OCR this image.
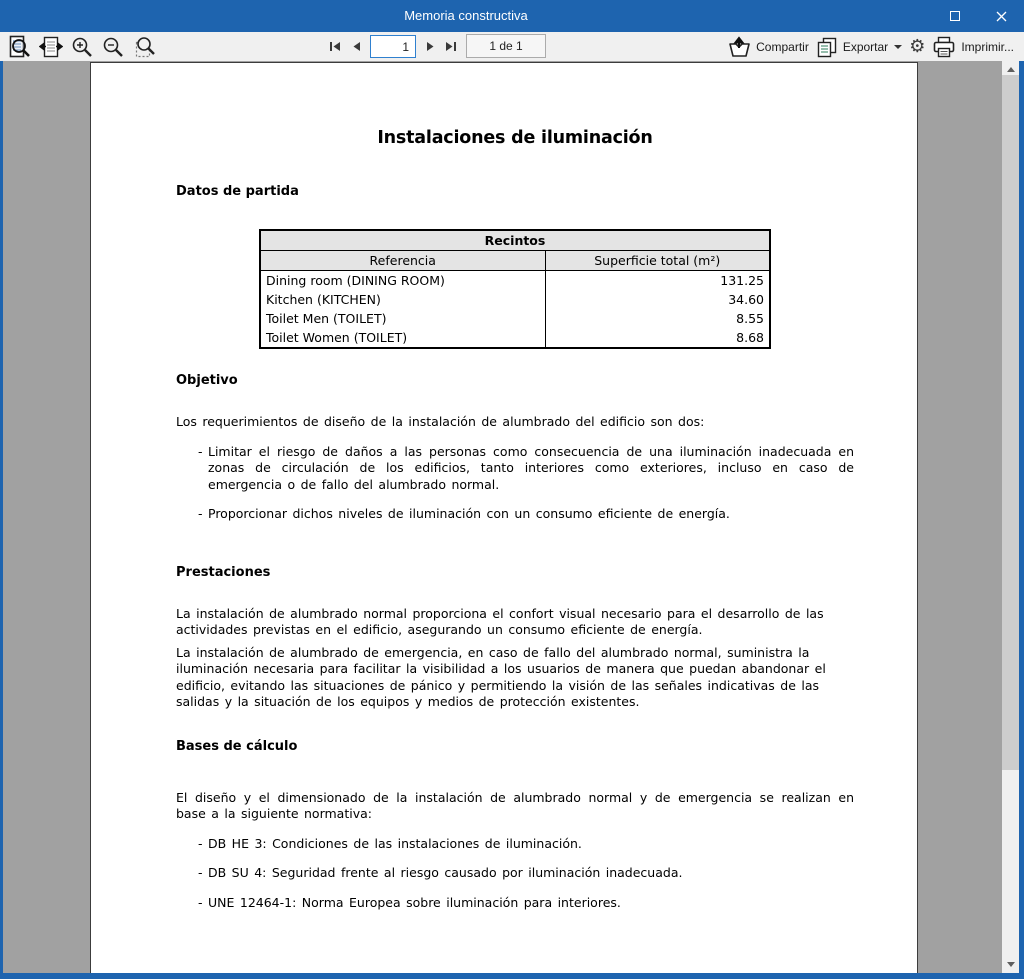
Memoria constructiva
1
1 de 1	Compartir	Exportar ⚙	Imprimir...
Instalaciones de iluminación
Datos de partida
Recintos	
Referencia	Superficie total (m²)
Dining room (DINING ROOM)	131.25
Kitchen (KITCHEN)	34.60
Toilet Men (TOILET)	8.55
Toilet Women (TOILET)	8.68
Objetivo
Los requerimientos de diseño de la instalación de alumbrado del edificio son dos:
- Limitar el riesgo de daños a las personas como consecuencia de una iluminación inadecuada en zonas de circulación de los edificios, tanto interiores como exteriores, incluso en caso de emergencia o de fallo del alumbrado normal.
- Proporcionar dichos niveles de iluminación con un consumo eficiente de energía.
Prestaciones
La instalación de alumbrado normal proporciona el confort visual necesario para el desarrollo de las actividades previstas en el edificio, asegurando un consumo eficiente de energía.
La instalación de alumbrado de emergencia, en caso de fallo del alumbrado normal, suministra la iluminación necesaria para facilitar la visibilidad a los usuarios de manera que puedan abandonar el edificio, evitando las situaciones de pánico y permitiendo la visión de las señales indicativas de las salidas y la situación de los equipos y medios de protección existentes.
Bases de cálculo
El diseño y el dimensionado de la instalación de alumbrado normal y de emergencia se realizan en base a la siguiente normativa:
- DB HE 3: Condiciones de las instalaciones de iluminación.
- DB SU 4: Seguridad frente al riesgo causado por iluminación inadecuada.
- UNE 12464-1: Norma Europea sobre iluminación para interiores.
